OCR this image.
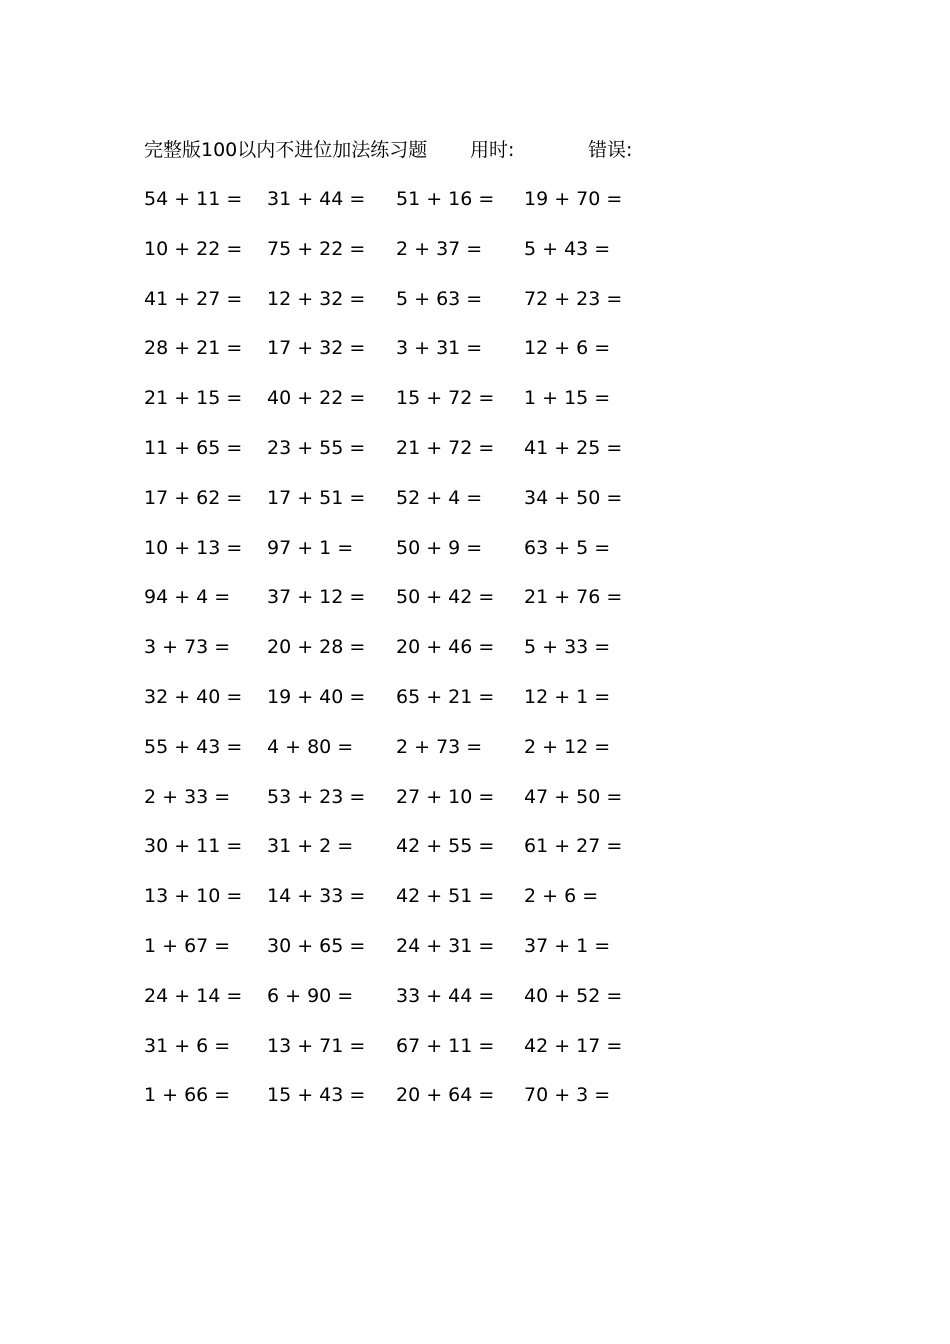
完整版100以内不进位加法练习题 用时:	错误:
54 + 11 =	31 + 44 =	51 + 16 =	19 + 70 =
10 + 22 =	75 + 22 =	2 + 37 =	5 + 43 =
41 + 27 =	12 + 32 =	5 + 63 =	72 + 23 =
28 + 21 =	17 + 32 =	3 + 31 =	12 + 6 =
21 + 15 =	40 + 22 =	15 + 72 =	1 + 15 =
11 + 65 =	23 + 55 =	21 + 72 =	41 + 25 =
17 + 62 =	17 + 51 =	52 + 4 =	34 + 50 =
10 + 13 =	97 + 1 =	50 + 9 =	63 + 5 =
94 + 4 =	37 + 12 =	50 + 42 =	21 + 76 =
3 + 73 =	20 + 28 =	20 + 46 =	5 + 33 =
32 + 40 =	19 + 40 =	65 + 21 =	12 + 1 =
55 + 43 =	4 + 80 =	2 + 73 =	2 + 12 =
2 + 33 =	53 + 23 =	27 + 10 =	47 + 50 =
30 + 11 =	31 + 2 =	42 + 55 =	61 + 27 =
13 + 10 =	14 + 33 =	42 + 51 =	2 + 6 =
1 + 67 =	30 + 65 =	24 + 31 =	37 + 1 =
24 + 14 =	6 + 90 =	33 + 44 =	40 + 52 =
31 + 6 =	13 + 71 =	67 + 11 =	42 + 17 =
1 + 66 =	15 + 43 =	20 + 64 =	70 + 3 =
